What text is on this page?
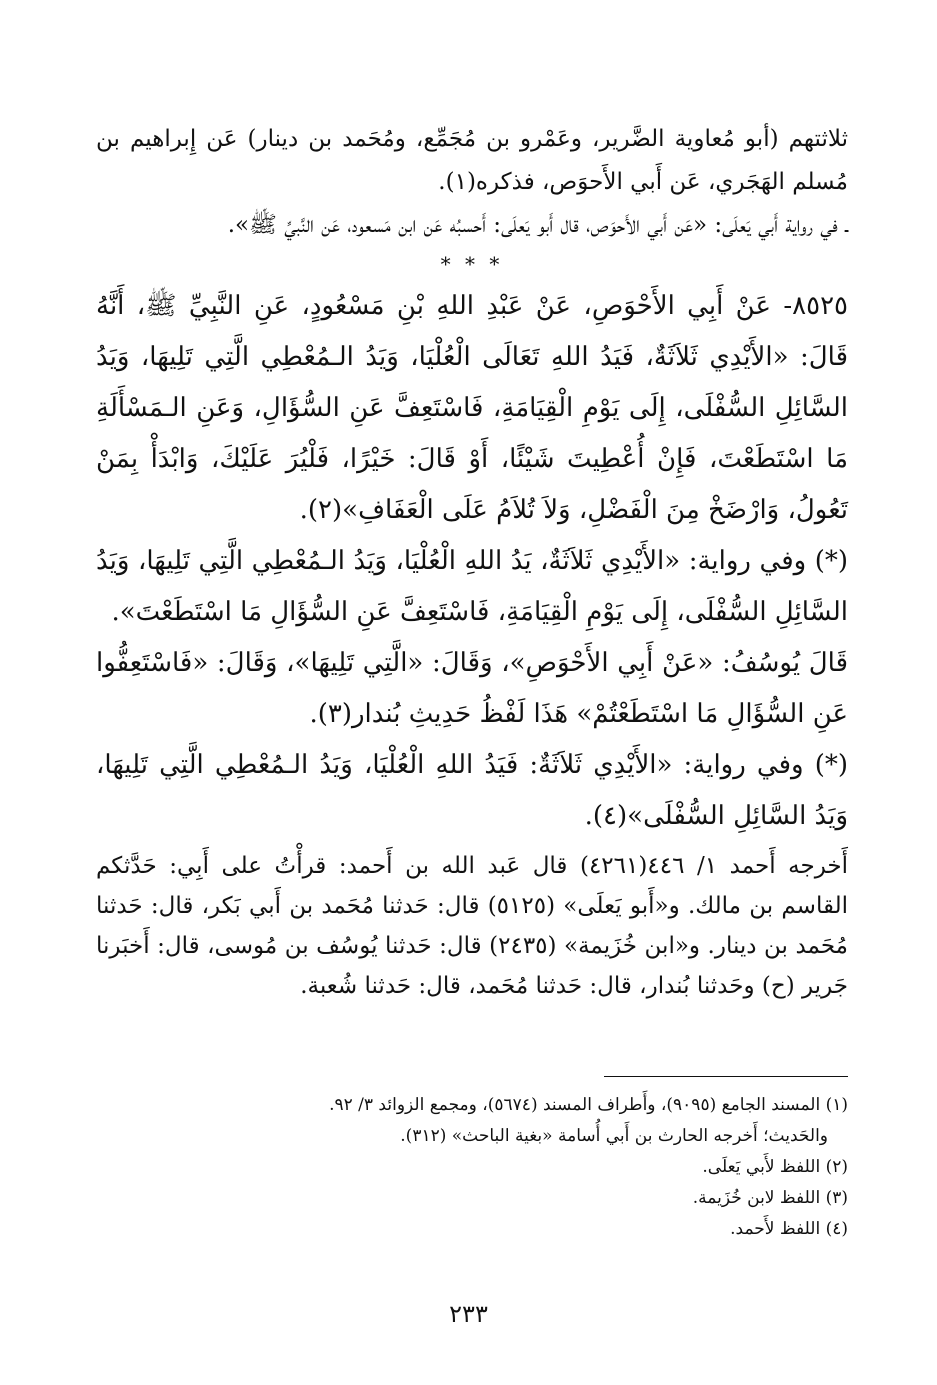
ثلاثتهم (أبو مُعاوية الضَّرير، وعَمْرو بن مُجَمِّع، ومُحَمد بن دينار) عَن إِبراهيم بن مُسلم الهَجَري، عَن أَبي الأَحوَص، فذكره(١).

ـ في رواية أَبي يَعلَى: «عَن أَبي الأَحوَص، قال أَبو يَعلَى: أَحسبُه عَن ابن مَسعود، عَن النَّبيِّ ﷺ».

* * *

٨٥٢٥- عَنْ أَبِي الأَحْوَصِ، عَنْ عَبْدِ اللهِ بْنِ مَسْعُودٍ، عَنِ النَّبِيِّ ﷺ، أَنَّهُ قَالَ: «الأَيْدِي ثَلاَثَةٌ، فَيَدُ اللهِ تَعَالَى الْعُلْيَا، وَيَدُ الـمُعْطِي الَّتِي تَلِيهَا، وَيَدُ السَّائِلِ السُّفْلَى، إِلَى يَوْمِ الْقِيَامَةِ، فَاسْتَعِفَّ عَنِ السُّؤَالِ، وَعَنِ الـمَسْأَلَةِ مَا اسْتَطَعْتَ، فَإِنْ أُعْطِيتَ شَيْئًا، أَوْ قَالَ: خَيْرًا، فَلْيُرَ عَلَيْكَ، وَابْدَأْ بِمَنْ تَعُولُ، وَارْضَخْ مِنَ الْفَضْلِ، وَلاَ تُلاَمُ عَلَى الْعَفَافِ»(٢).

(*) وفي رواية: «الأَيْدِي ثَلاَثَةٌ، يَدُ اللهِ الْعُلْيَا، وَيَدُ الـمُعْطِي الَّتِي تَلِيهَا، وَيَدُ السَّائِلِ السُّفْلَى، إِلَى يَوْمِ الْقِيَامَةِ، فَاسْتَعِفَّ عَنِ السُّؤَالِ مَا اسْتَطَعْتَ».

قَالَ يُوسُفُ: «عَنْ أَبِي الأَحْوَصِ»، وَقَالَ: «الَّتِي تَلِيهَا»، وَقَالَ: «فَاسْتَعِفُّوا عَنِ السُّؤَالِ مَا اسْتَطَعْتُمْ» هَذَا لَفْظُ حَدِيثِ بُندار(٣).

(*) وفي رواية: «الأَيْدِي ثَلاَثَةٌ: فَيَدُ اللهِ الْعُلْيَا، وَيَدُ الـمُعْطِي الَّتِي تَلِيهَا، وَيَدُ السَّائِلِ السُّفْلَى»(٤).

أَخرجه أَحمد ١/ ٤٤٦(٤٢٦١) قال عَبد الله بن أَحمد: قرأْتُ على أَبِي: حَدَّثكم القاسم بن مالك. و«أَبو يَعلَى» (٥١٢٥) قال: حَدثنا مُحَمد بن أَبي بَكر، قال: حَدثنا مُحَمد بن دينار. و«ابن خُزَيمة» (٢٤٣٥) قال: حَدثنا يُوسُف بن مُوسى، قال: أَخبَرنا جَرير (ح) وحَدثنا بُندار، قال: حَدثنا مُحَمد، قال: حَدثنا شُعبة.

(١) المسند الجامع (٩٠٩٥)، وأَطراف المسند (٥٦٧٤)، ومجمع الزوائد ٣/ ٩٢.

والحَديث؛ أَخرجه الحارث بن أَبي أُسامة «بغية الباحث» (٣١٢).

(٢) اللفظ لأَبي يَعلَى.

(٣) اللفظ لابن خُزَيمة.

(٤) اللفظ لأَحمد.

٢٣٣
